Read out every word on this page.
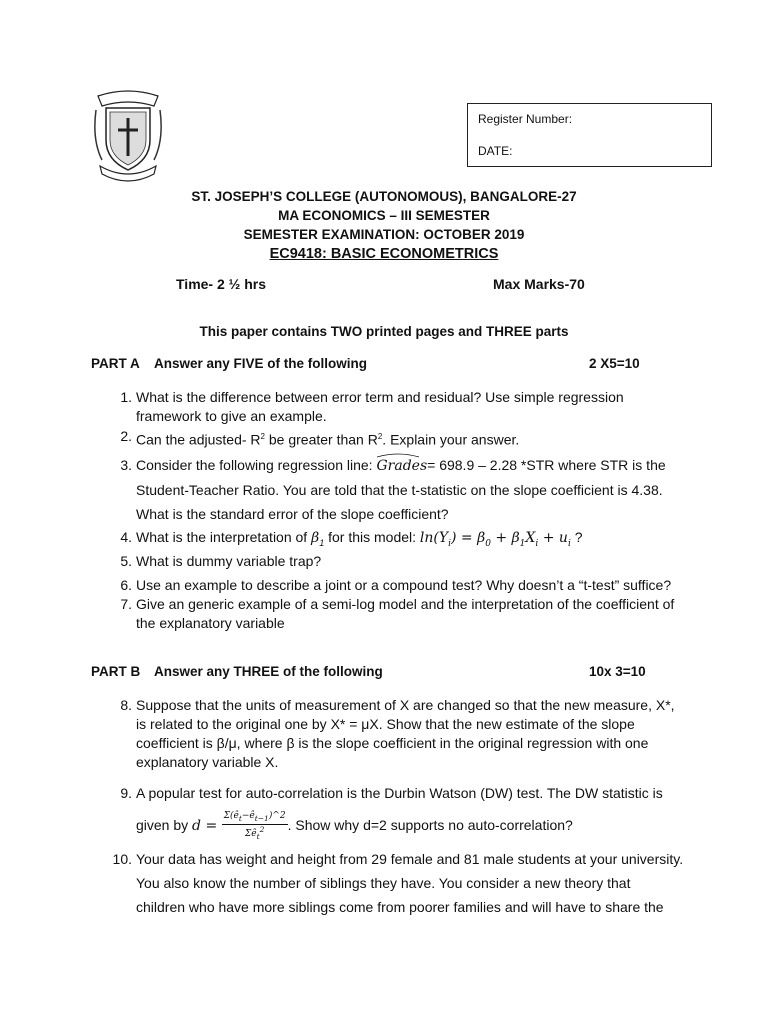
Register Number:
DATE:
ST. JOSEPH’S COLLEGE (AUTONOMOUS), BANGALORE-27
MA ECONOMICS – III SEMESTER
SEMESTER EXAMINATION: OCTOBER 2019
EC9418: BASIC ECONOMETRICS
Time- 2 ½ hrs	Max Marks-70
This paper contains TWO printed pages and THREE parts
PART A Answer any FIVE of the following	2 X5=10
1. What is the difference between error term and residual? Use simple regression
framework to give an example.
2. Can the adjusted- $R^2$ be greater than $R^2$. Explain your answer.
3. Consider the following regression line:
Grades= 698.9 – 2.28 *STR where STR is the
Student-Teacher Ratio. You are told that the t-statistic on the slope coefficient is 4.38.
What is the standard error of the slope coefficient?
4. What is the interpretation of $\beta_1$ for this model: $\ln(Y_i) = \beta_0 + \beta_1X_i + u_i$ ?
5. What is dummy variable trap?
6. Use an example to describe a joint or a compound test? Why doesn’t a “t-test” suffice?
7. Give an generic example of a semi-log model and the interpretation of the coefficient of
the explanatory variable
PART B Answer any THREE of the following	10x 3=10
8. Suppose that the units of measurement of X are changed so that the new measure, X*,
is related to the original one by X* = μX. Show that the new estimate of the slope
coefficient is β/μ, where β is the slope coefficient in the original regression with one
explanatory variable X.
9. A popular test for auto-correlation is the Durbin Watson (DW) test. The DW statistic is
given by $d = \frac{\Sigma(ê_t-ê_{t-1})\^{}2}{\Sigma ê_t^2}$ . Show why d=2 supports no auto-correlation?
10. Your data has weight and height from 29 female and 81 male students at your university.
You also know the number of siblings they have. You consider a new theory that
children who have more siblings come from poorer families and will have to share the
